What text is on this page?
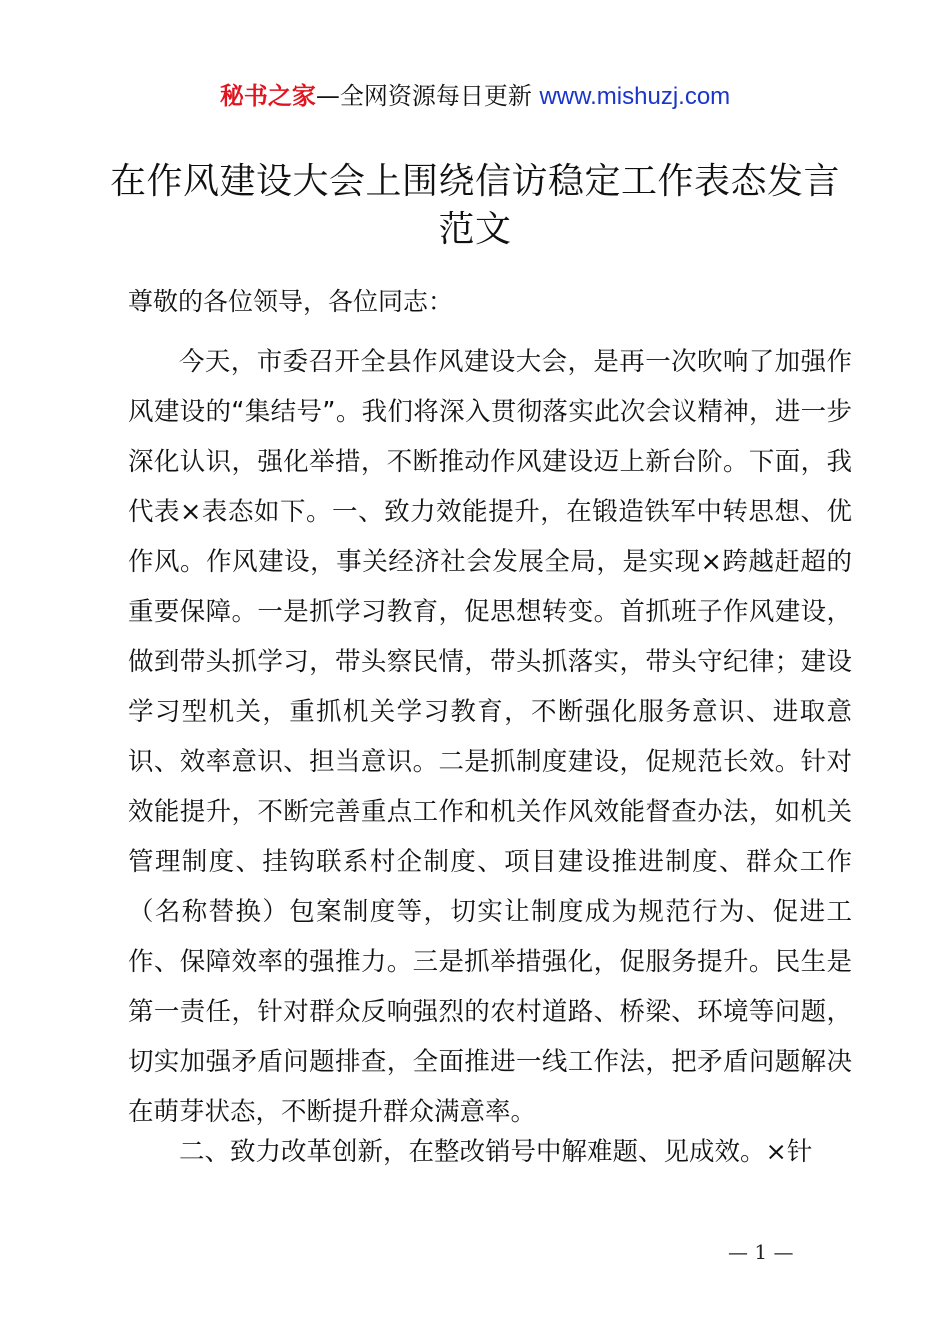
秘书之家—全网资源每日更新 www.mishuzj.com
在作风建设大会上围绕信访稳定工作表态发言范文
尊敬的各位领导，各位同志：

今天，市委召开全县作风建设大会，是再一次吹响了加强作风建设的“集结号”。我们将深入贯彻落实此次会议精神，进一步深化认识，强化举措，不断推动作风建设迈上新台阶。下面，我代表×表态如下。一、致力效能提升，在锻造铁军中转思想、优作风。作风建设，事关经济社会发展全局，是实现×跨越赶超的重要保障。一是抓学习教育，促思想转变。首抓班子作风建设，做到带头抓学习，带头察民情，带头抓落实，带头守纪律；建设学习型机关，重抓机关学习教育，不断强化服务意识、进取意识、效率意识、担当意识。二是抓制度建设，促规范长效。针对效能提升，不断完善重点工作和机关作风效能督查办法，如机关管理制度、挂钩联系村企制度、项目建设推进制度、群众工作（名称替换）包案制度等，切实让制度成为规范行为、促进工作、保障效率的强推力。三是抓举措强化，促服务提升。民生是第一责任，针对群众反响强烈的农村道路、桥梁、环境等问题，切实加强矛盾问题排查，全面推进一线工作法，把矛盾问题解决在萌芽状态，不断提升群众满意率。

二、致力改革创新，在整改销号中解难题、见成效。×针

— 1 —
